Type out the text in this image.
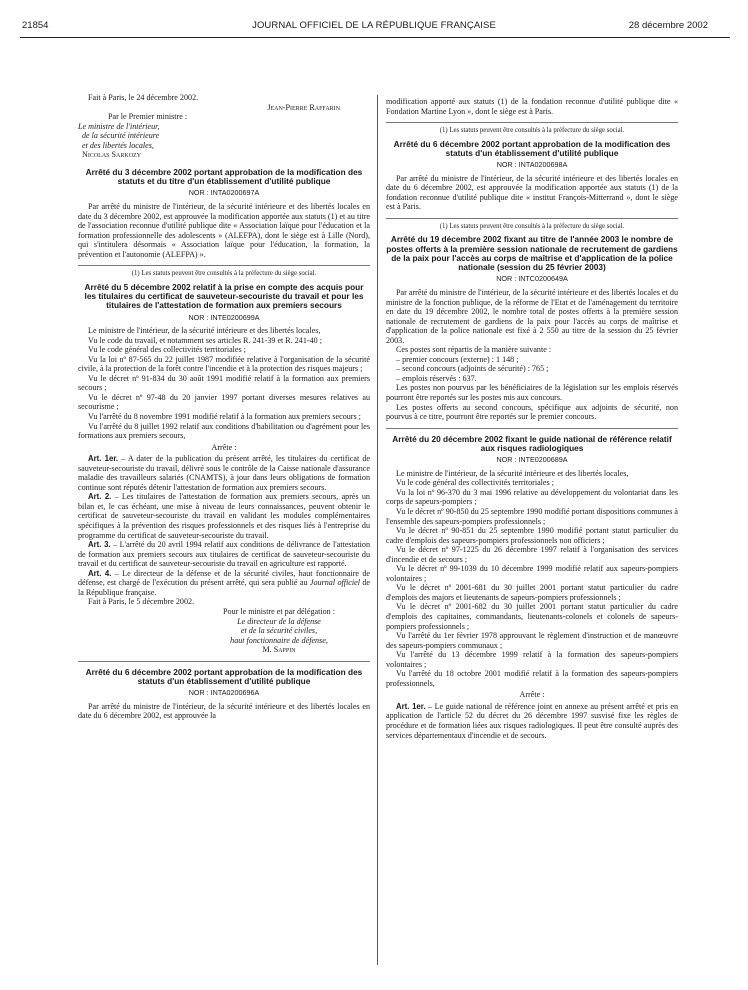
21854	JOURNAL OFFICIEL DE LA RÉPUBLIQUE FRANÇAISE	28 décembre 2002

Fait à Paris, le 24 décembre 2002.

Jean-Pierre Raffarin

Par le Premier ministre :

Le ministre de l'intérieur,

de la sécurité intérieure

et des libertés locales,

Nicolas Sarkozy

Arrêté du 3 décembre 2002 portant approbation de la modification des statuts et du titre d'un établissement d'utilité publique

NOR : INTA0200697A

Par arrêté du ministre de l'intérieur, de la sécurité intérieure et des libertés locales en date du 3 décembre 2002, est approuvée la modification apportée aux statuts (1) et au titre de l'association reconnue d'utilité publique dite « Association laïque pour l'éducation et la formation professionnelle des adolescents » (ALEFPA), dont le siège est à Lille (Nord), qui s'intitulera désormais « Association laïque pour l'éducation, la formation, la prévention et l'autonomie (ALEFPA) ».

(1) Les statuts peuvent être consultés à la préfecture du siège social.

Arrêté du 5 décembre 2002 relatif à la prise en compte des acquis pour les titulaires du certificat de sauveteur-secouriste du travail et pour les titulaires de l'attestation de formation aux premiers secours

NOR : INTE0200699A

Le ministre de l'intérieur, de la sécurité intérieure et des libertés locales,

Vu le code du travail, et notamment ses articles R. 241-39 et R. 241-40 ;

Vu le code général des collectivités territoriales ;

Vu la loi nº 87-565 du 22 juillet 1987 modifiée relative à l'organisation de la sécurité civile, à la protection de la forêt contre l'incendie et à la protection des risques majeurs ;

Vu le décret nº 91-834 du 30 août 1991 modifié relatif à la formation aux premiers secours ;

Vu le décret nº 97-48 du 20 janvier 1997 portant diverses mesures relatives au secourisme ;

Vu l'arrêté du 8 novembre 1991 modifié relatif à la formation aux premiers secours ;

Vu l'arrêté du 8 juillet 1992 relatif aux conditions d'habilitation ou d'agrément pour les formations aux premiers secours,

Arrête :

Art. 1er. – A dater de la publication du présent arrêté, les titulaires du certificat de sauveteur-secouriste du travail, délivré sous le contrôle de la Caisse nationale d'assurance maladie des travailleurs salariés (CNAMTS), à jour dans leurs obligations de formation continue sont réputés détenir l'attestation de formation aux premiers secours.

Art. 2. – Les titulaires de l'attestation de formation aux premiers secours, après un bilan et, le cas échéant, une mise à niveau de leurs connaissances, peuvent obtenir le certificat de sauveteur-secouriste du travail en validant les modules complémentaires spécifiques à la prévention des risques professionnels et des risques liés à l'entreprise du programme du certificat de sauveteur-secouriste du travail.

Art. 3. – L'arrêté du 20 avril 1994 relatif aux conditions de délivrance de l'attestation de formation aux premiers secours aux titulaires de certificat de sauveteur-secouriste du travail et du certificat de sauveteur-secouriste du travail en agriculture est rapporté.

Art. 4. – Le directeur de la défense et de la sécurité civiles, haut fonctionnaire de défense, est chargé de l'exécution du présent arrêté, qui sera publié au Journal officiel de la République française.

Fait à Paris, le 5 décembre 2002.

Pour le ministre et par délégation :

Le directeur de la défense

et de la sécurité civiles,

haut fonctionnaire de défense,

M. Sappin

Arrêté du 6 décembre 2002 portant approbation de la modification des statuts d'un établissement d'utilité publique

NOR : INTA0200696A

Par arrêté du ministre de l'intérieur, de la sécurité intérieure et des libertés locales en date du 6 décembre 2002, est approuvée la

modification apporté aux statuts (1) de la fondation reconnue d'utilité publique dite « Fondation Martine Lyon », dont le siège est à Paris.

(1) Les statuts peuvent être consultés à la préfecture du siège social.

Arrêté du 6 décembre 2002 portant approbation de la modification des statuts d'un établissement d'utilité publique

NOR : INTA0200698A

Par arrêté du ministre de l'intérieur, de la sécurité intérieure et des libertés locales en date du 6 décembre 2002, est approuvée la modification apportée aux statuts (1) de la fondation reconnue d'utilité publique dite « institut François-Mitterrand », dont le siège est à Paris.

(1) Les statuts peuvent être consultés à la préfecture du siège social.

Arrêté du 19 décembre 2002 fixant au titre de l'année 2003 le nombre de postes offerts à la première session nationale de recrutement de gardiens de la paix pour l'accès au corps de maîtrise et d'application de la police nationale (session du 25 février 2003)

NOR : INTC0200649A

Par arrêté du ministre de l'intérieur, de la sécurité intérieure et des libertés locales et du ministre de la fonction publique, de la réforme de l'Etat et de l'aménagement du territoire en date du 19 décembre 2002, le nombre total de postes offerts à la première session nationale de recrutement de gardiens de la paix pour l'accès au corps de maîtrise et d'application de la police nationale est fixé à 2 550 au titre de la session du 25 février 2003.

Ces postes sont répartis de la manière suivante :

– premier concours (externe) : 1 148 ;

– second concours (adjoints de sécurité) : 765 ;

– emplois réservés : 637.

Les postes non pourvus par les bénéficiaires de la législation sur les emplois réservés pourront être reportés sur les postes mis aux concours.

Les postes offerts au second concours, spécifique aux adjoints de sécurité, non pourvus à ce titre, pourront être reportés sur le premier concours.

Arrêté du 20 décembre 2002 fixant le guide national de référence relatif aux risques radiologiques

NOR : INTE0200689A

Le ministre de l'intérieur, de la sécurité intérieure et des libertés locales,

Vu le code général des collectivités territoriales ;

Vu la loi nº 96-370 du 3 mai 1996 relative au développement du volontariat dans les corps de sapeurs-pompiers ;

Vu le décret nº 90-850 du 25 septembre 1990 modifié portant dispositions communes à l'ensemble des sapeurs-pompiers professionnels ;

Vu le décret nº 90-851 du 25 septembre 1990 modifié portant statut particulier du cadre d'emplois des sapeurs-pompiers professionnels non officiers ;

Vu le décret nº 97-1225 du 26 décembre 1997 relatif à l'organisation des services d'incendie et de secours ;

Vu le décret nº 99-1039 du 10 décembre 1999 modifié relatif aux sapeurs-pompiers volontaires ;

Vu le décret nº 2001-681 du 30 juillet 2001 portant statut particulier du cadre d'emplois des majors et lieutenants de sapeurs-pompiers professionnels ;

Vu le décret nº 2001-682 du 30 juillet 2001 portant statut particulier du cadre d'emplois des capitaines, commandants, lieutenants-colonels et colonels de sapeurs-pompiers professionnels ;

Vu l'arrêté du 1er février 1978 approuvant le règlement d'instruction et de manœuvre des sapeurs-pompiers communaux ;

Vu l'arrêté du 13 décembre 1999 relatif à la formation des sapeurs-pompiers volontaires ;

Vu l'arrêté du 18 octobre 2001 modifié relatif à la formation des sapeurs-pompiers professionnels,

Arrête :

Art. 1er. – Le guide national de référence joint en annexe au présent arrêté et pris en application de l'article 52 du décret du 26 décembre 1997 susvisé fixe les règles de procédure et de formation liées aux risques radiologiques. Il peut être consulté auprès des services départementaux d'incendie et de secours.
